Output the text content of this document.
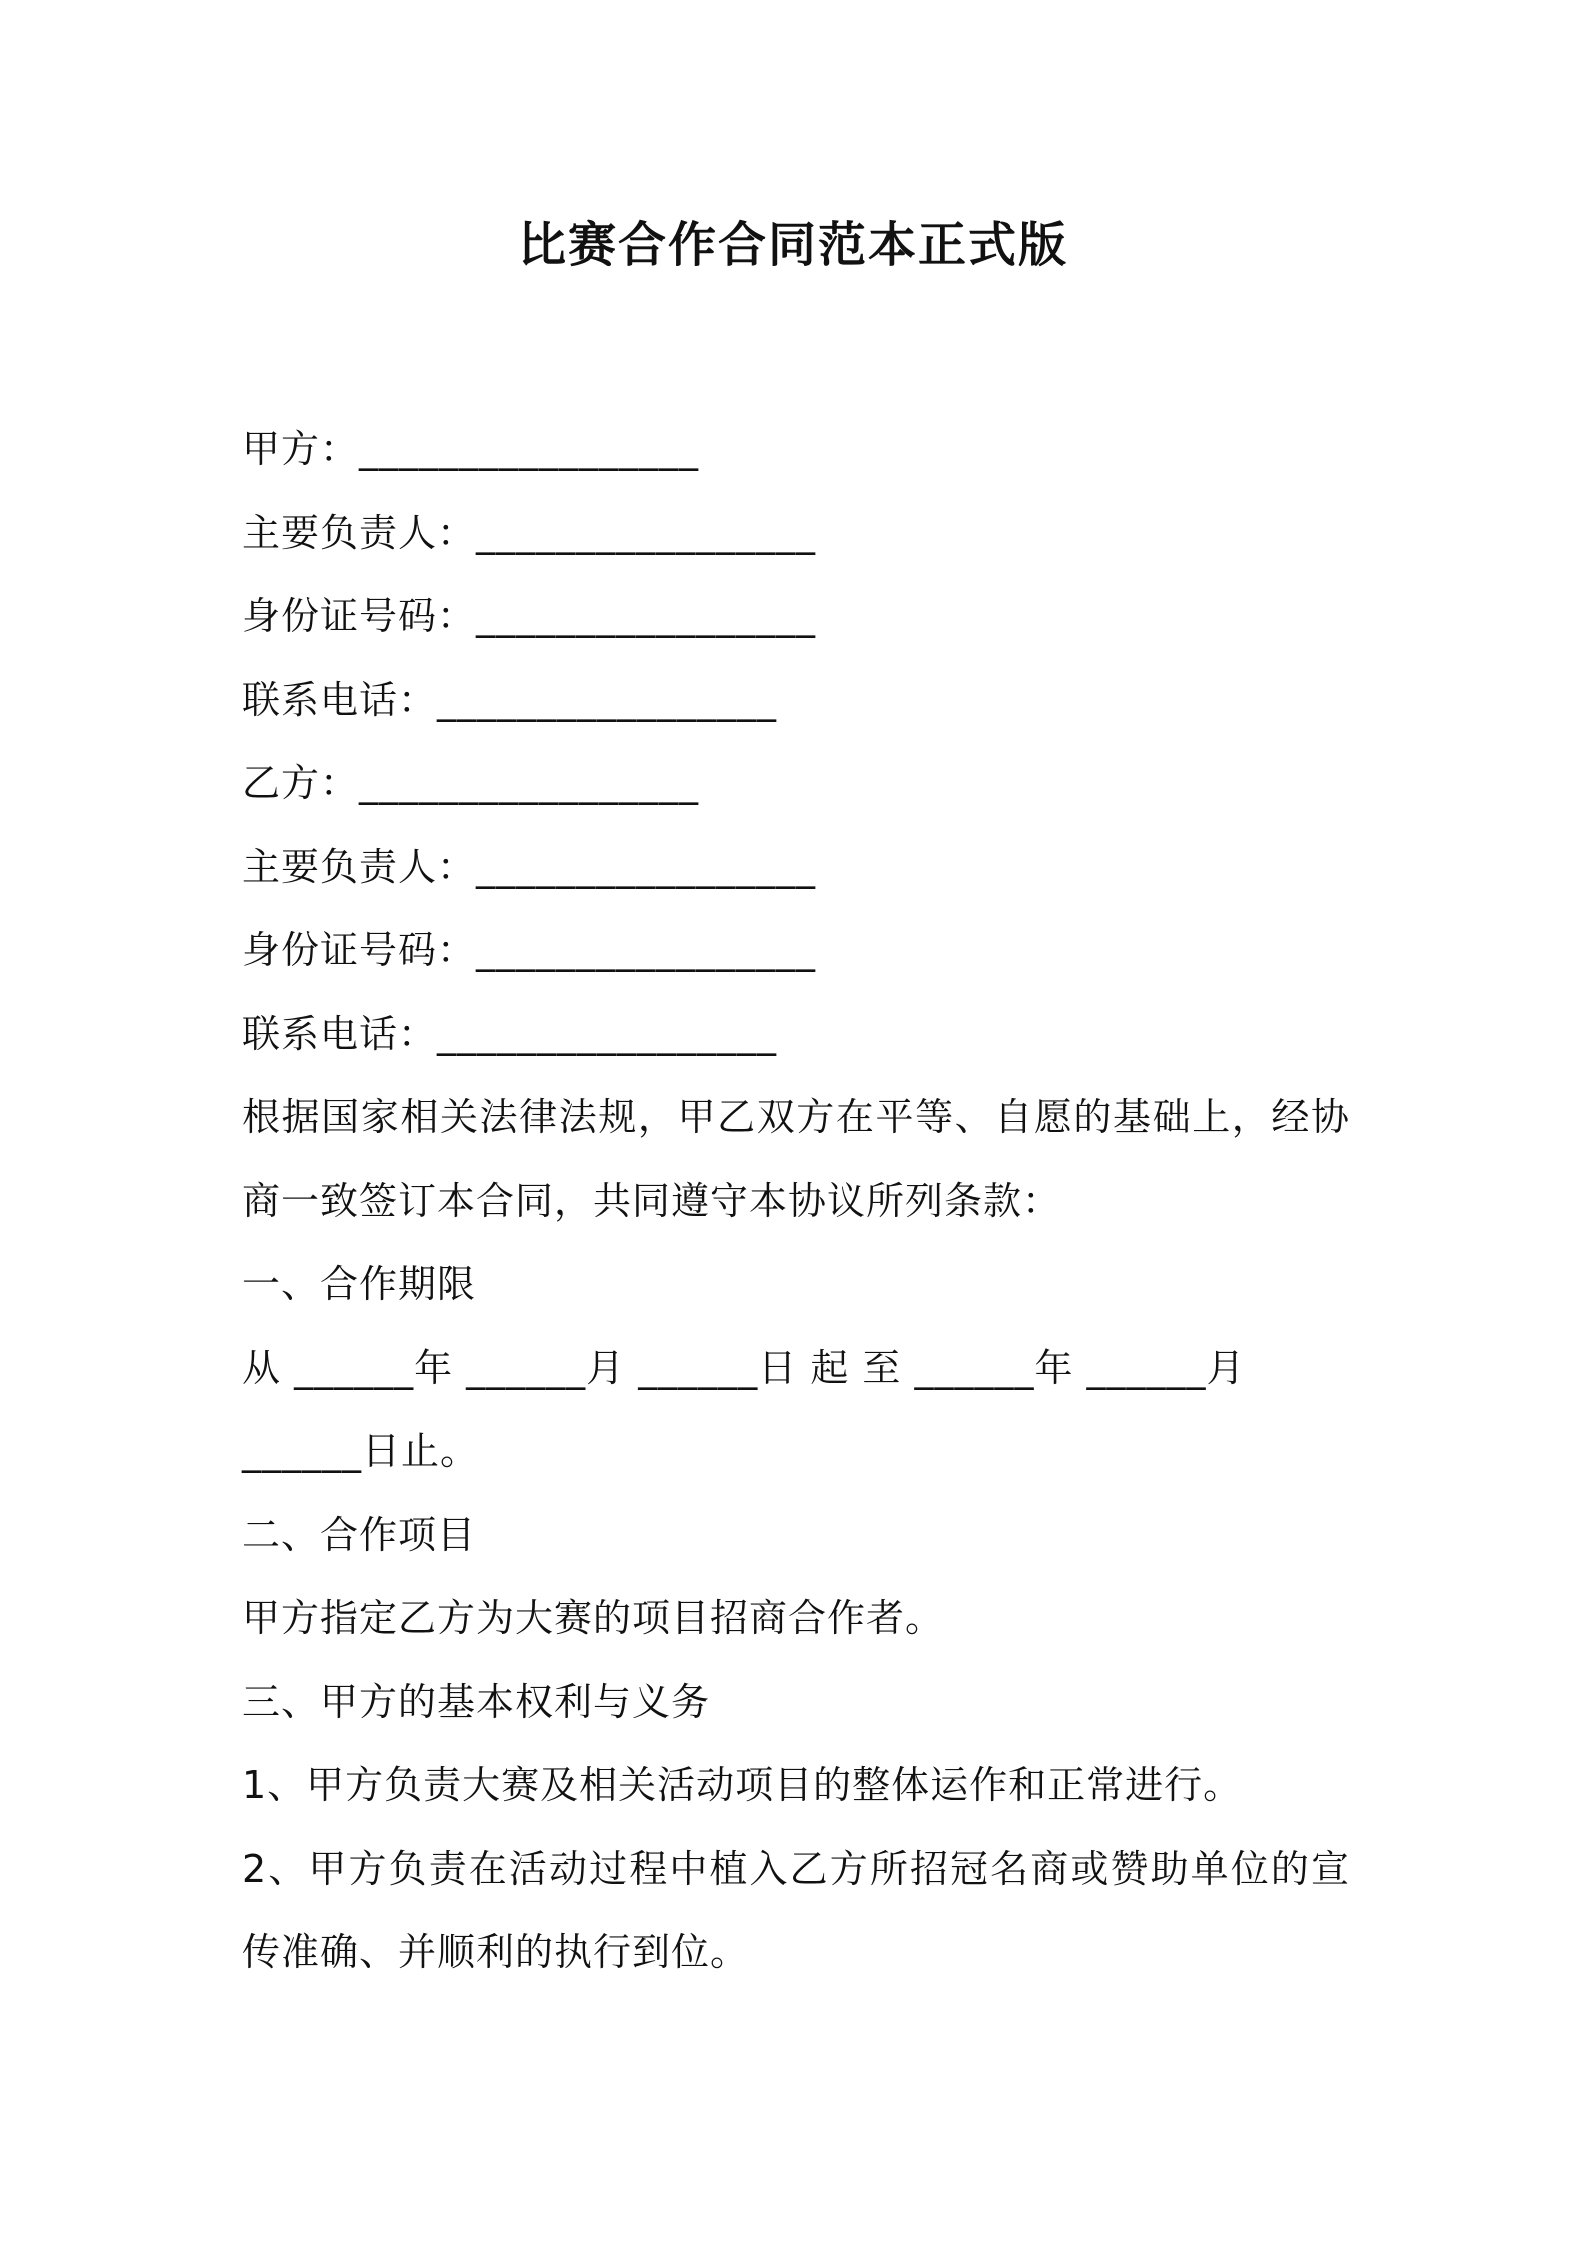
比赛合作合同范本正式版
甲方：_________________
主要负责人：_________________
身份证号码：_________________
联系电话：_________________
乙方：_________________
主要负责人：_________________
身份证号码：_________________
联系电话：_________________
根据国家相关法律法规，甲乙双方在平等、自愿的基础上，经协商一致签订本合同，共同遵守本协议所列条款：
一、合作期限
从 ______年 ______月 ______日 起 至 ______年 ______月
______日止。
二、合作项目
甲方指定乙方为大赛的项目招商合作者。
三、甲方的基本权利与义务
1、甲方负责大赛及相关活动项目的整体运作和正常进行。
2、甲方负责在活动过程中植入乙方所招冠名商或赞助单位的宣传准确、并顺利的执行到位。
